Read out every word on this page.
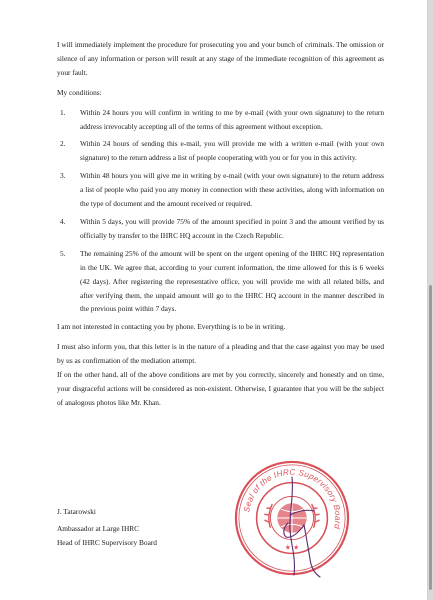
I will immediately implement the procedure for prosecuting you and your bunch of criminals. The omission or silence of any information or person will result at any stage of the immediate recognition of this agreement as your fault.

My conditions:

1. Within 24 hours you will confirm in writing to me by e-mail (with your own signature) to the return address irrevocably accepting all of the terms of this agreement without exception.
2. Within 24 hours of sending this e-mail, you will provide me with a written e-mail (with your own signature) to the return address a list of people cooperating with you or for you in this activity.
3. Within 48 hours you will give me in writing by e-mail (with your own signature) to the return address a list of people who paid you any money in connection with these activities, along with information on the type of document and the amount received or required.
4. Within 5 days, you will provide 75% of the amount specified in point 3 and the amount verified by us officially by transfer to the IHRC HQ account in the Czech Republic.
5. The remaining 25% of the amount will be spent on the urgent opening of the IHRC HQ representation in the UK. We agree that, according to your current information, the time allowed for this is 6 weeks (42 days). After registering the representative office, you will provide me with all related bills, and after verifying them, the unpaid amount will go to the IHRC HQ account in the manner described in the previous point within 7 days.

I am not interested in contacting you by phone. Everything is to be in writing.

I must also inform you, that this letter is in the nature of a pleading and that the case against you may be used by us as confirmation of the mediation attempt.

If on the other hand, all of the above conditions are met by you correctly, sincerely and honestly and on time, your disgraceful actions will be considered as non-existent. Otherwise, I guarantee that you will be the subject of analogous photos like Mr. Khan.

J. Tatarowski
Ambassador at Large IHRC
Head of IHRC Supervisory Board
Seal of the IHRC Supervisory Board
★ ★
